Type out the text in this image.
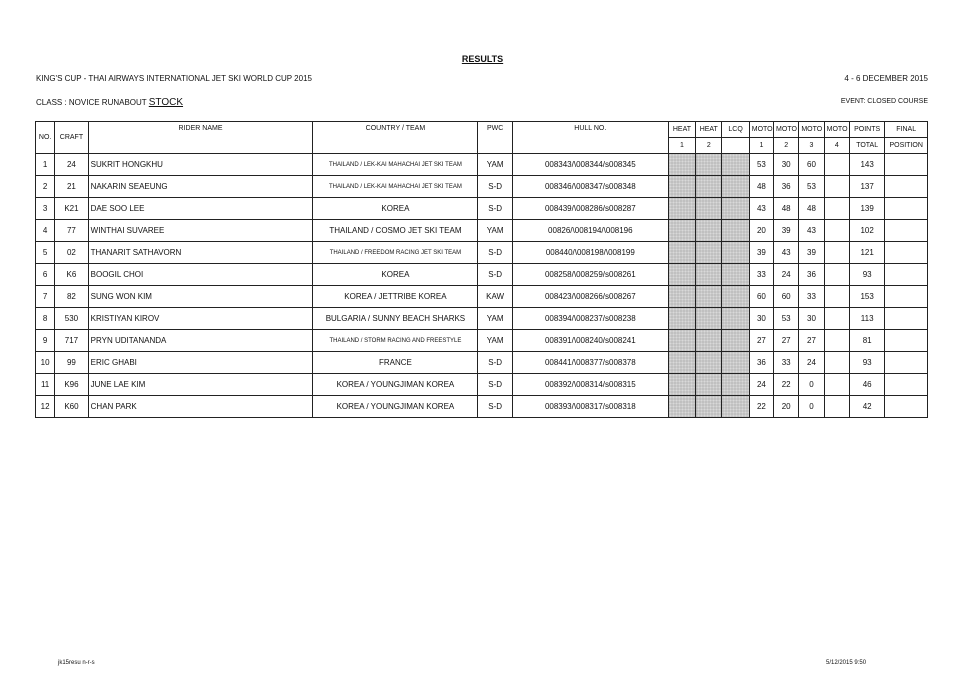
RESULTS
KING'S CUP - THAI AIRWAYS INTERNATIONAL JET SKI WORLD CUP 2015	4 - 6 DECEMBER 2015
CLASS : NOVICE RUNABOUT STOCK	EVENT: CLOSED COURSE
NO.	CRAFT	RIDER NAME	COUNTRY / TEAM	PWC	HULL NO.	HEAT	HEAT	LCQ	MOTO	MOTO	MOTO	MOTO	POINTS	FINAL
						1	2		1	2	3	4	TOTAL	POSITION
1	24	SUKRIT HONGKHU	THAILAND / LEK-KAI MAHACHAI JET SKI TEAM	YAM	008343/\008344/s008345				53	30	60		143	
2	21	NAKARIN SEAEUNG	THAILAND / LEK-KAI MAHACHAI JET SKI TEAM	S-D	008346/\008347/s008348				48	36	53		137	
3	K21	DAE SOO LEE	KOREA	S-D	008439/\008286/s008287				43	48	48		139	
4	77	WINTHAI SUVAREE	THAILAND / COSMO JET SKI TEAM	YAM	00826/\008194/\008196				20	39	43		102	
5	02	THANARIT SATHAVORN	THAILAND / FREEDOM RACING JET SKI TEAM	S-D	008440/\008198/\008199				39	43	39		121	
6	K6	BOOGIL CHOI	KOREA	S-D	008258/\008259/s008261				33	24	36		93	
7	82	SUNG WON KIM	KOREA / JETTRIBE KOREA	KAW	008423/\008266/s008267				60	60	33		153	
8	530	KRISTIYAN KIROV	BULGARIA / SUNNY BEACH SHARKS	YAM	008394/\008237/s008238				30	53	30		113	
9	717	PRYN UDITANANDA	THAILAND / STORM RACING AND FREESTYLE	YAM	008391/\008240/s008241				27	27	27		81	
10	99	ERIC GHABI	FRANCE	S-D	008441/\008377/s008378				36	33	24		93	
11	K96	JUNE LAE KIM	KOREA / YOUNGJIMAN KOREA	S-D	008392/\008314/s008315				24	22	0		46	
12	K60	CHAN PARK	KOREA / YOUNGJIMAN KOREA	S-D	008393/\008317/s008318				22	20	0		42	
jk15resu n-r-s	5/12/2015 9:50
